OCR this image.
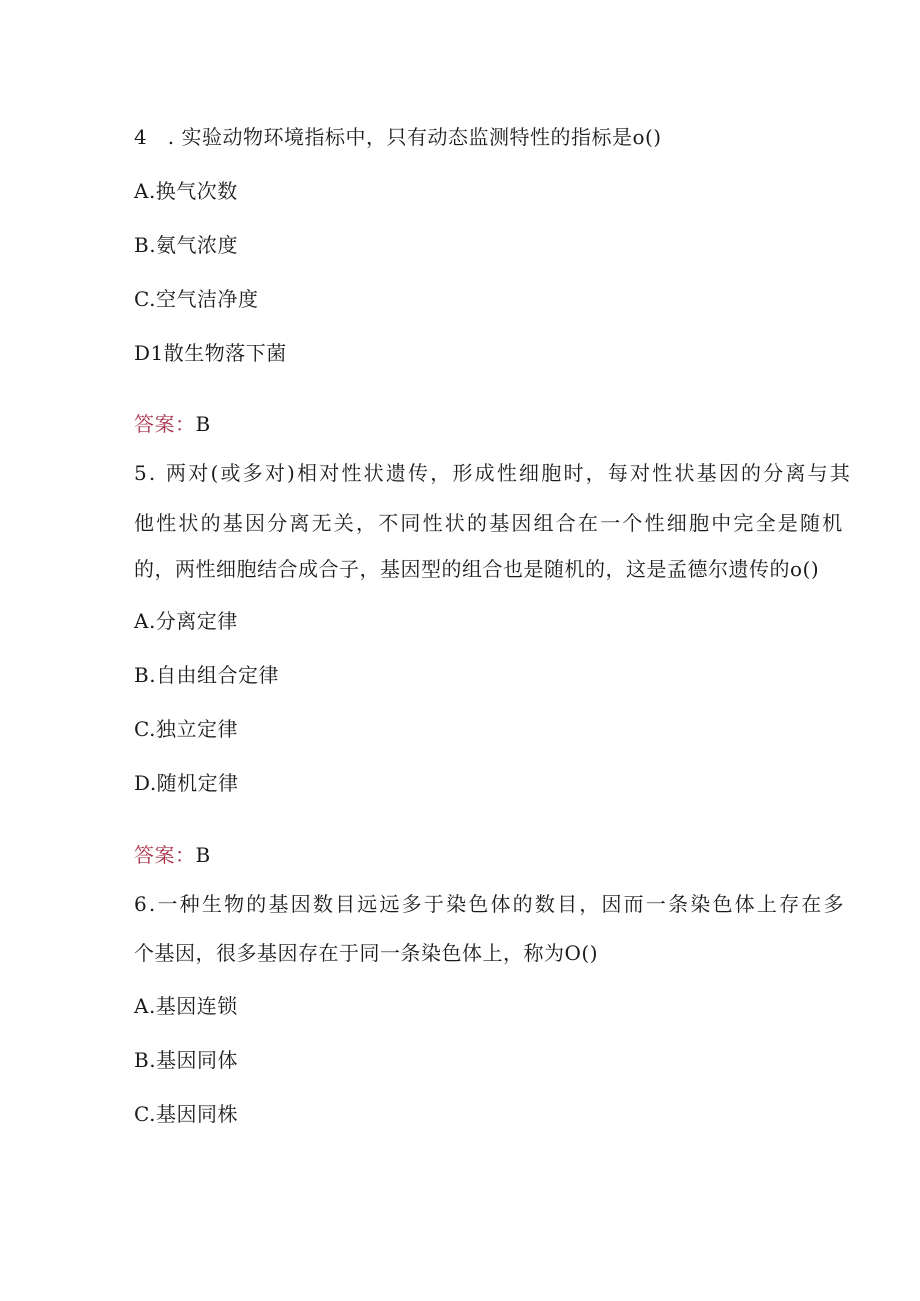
4　. 实验动物环境指标中，只有动态监测特性的指标是o()
A.换气次数
B.氨气浓度
C.空气洁净度
D1散生物落下菌
答案：B
5. 两对(或多对)相对性状遗传，形成性细胞时，每对性状基因的分离与其
他性状的基因分离无关，不同性状的基因组合在一个性细胞中完全是随机
的，两性细胞结合成合子，基因型的组合也是随机的，这是孟德尔遗传的o()
A.分离定律
B.自由组合定律
C.独立定律
D.随机定律
答案：B
6.一种生物的基因数目远远多于染色体的数目，因而一条染色体上存在多
个基因，很多基因存在于同一条染色体上，称为O()
A.基因连锁
B.基因同体
C.基因同株
